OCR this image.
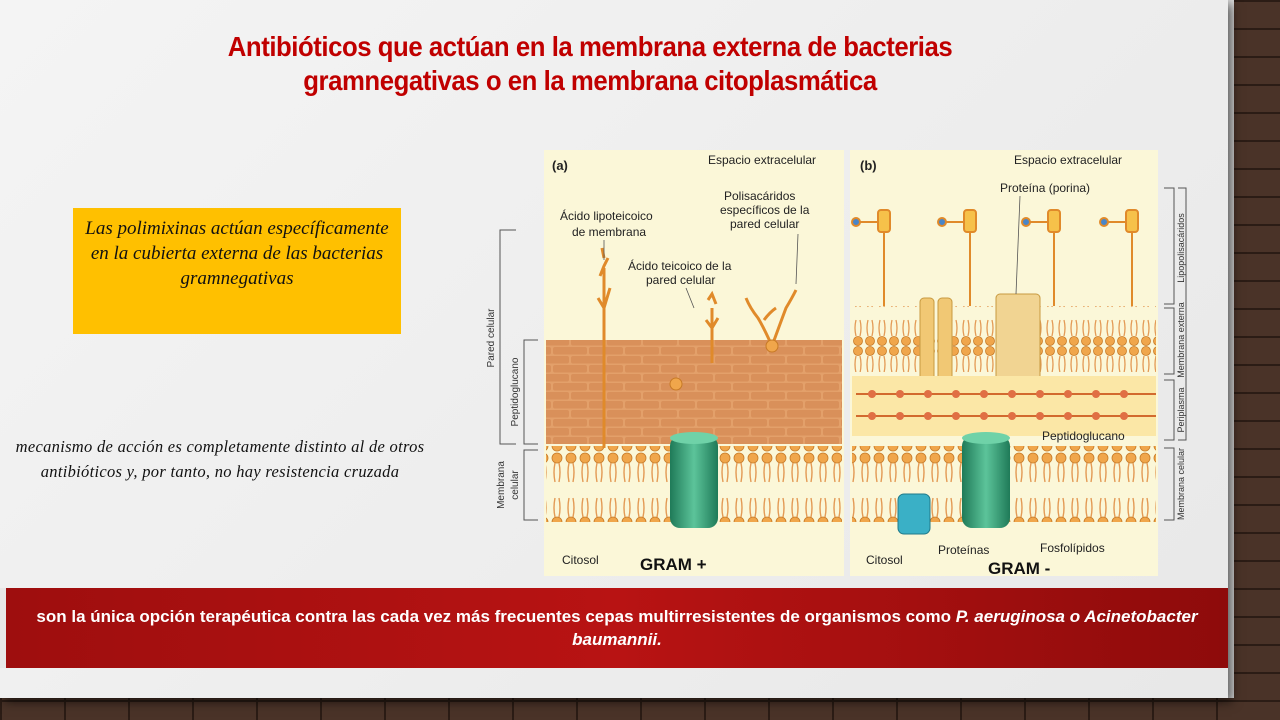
Antibióticos que actúan en la membrana externa de bacterias
gramnegativas o en la membrana citoplasmática
Las polimixinas actúan específicamente en la cubierta externa de las bacterias gramnegativas
mecanismo de acción es completamente distinto al de otros antibióticos y, por tanto, no hay resistencia cruzada
Pared celular
Peptidoglucano
Membrana celular
(a)	Espacio extracelular
Ácido lipoteicoico
de membrana
Polisacáridos
específicos de la
pared celular
Ácido teicoico de la
pared celular
Citosol GRAM +
(b)	Espacio extracelular
Proteína (porina)
Peptidoglucano
Citosol
Proteínas	Fosfolípidos
GRAM -
Lipopolisacáridos
Membrana externa
Periplasma
Membrana celular
son la única opción terapéutica contra las cada vez más frecuentes cepas multirresistentes de organismos como P. aeruginosa o Acinetobacter baumannii.
